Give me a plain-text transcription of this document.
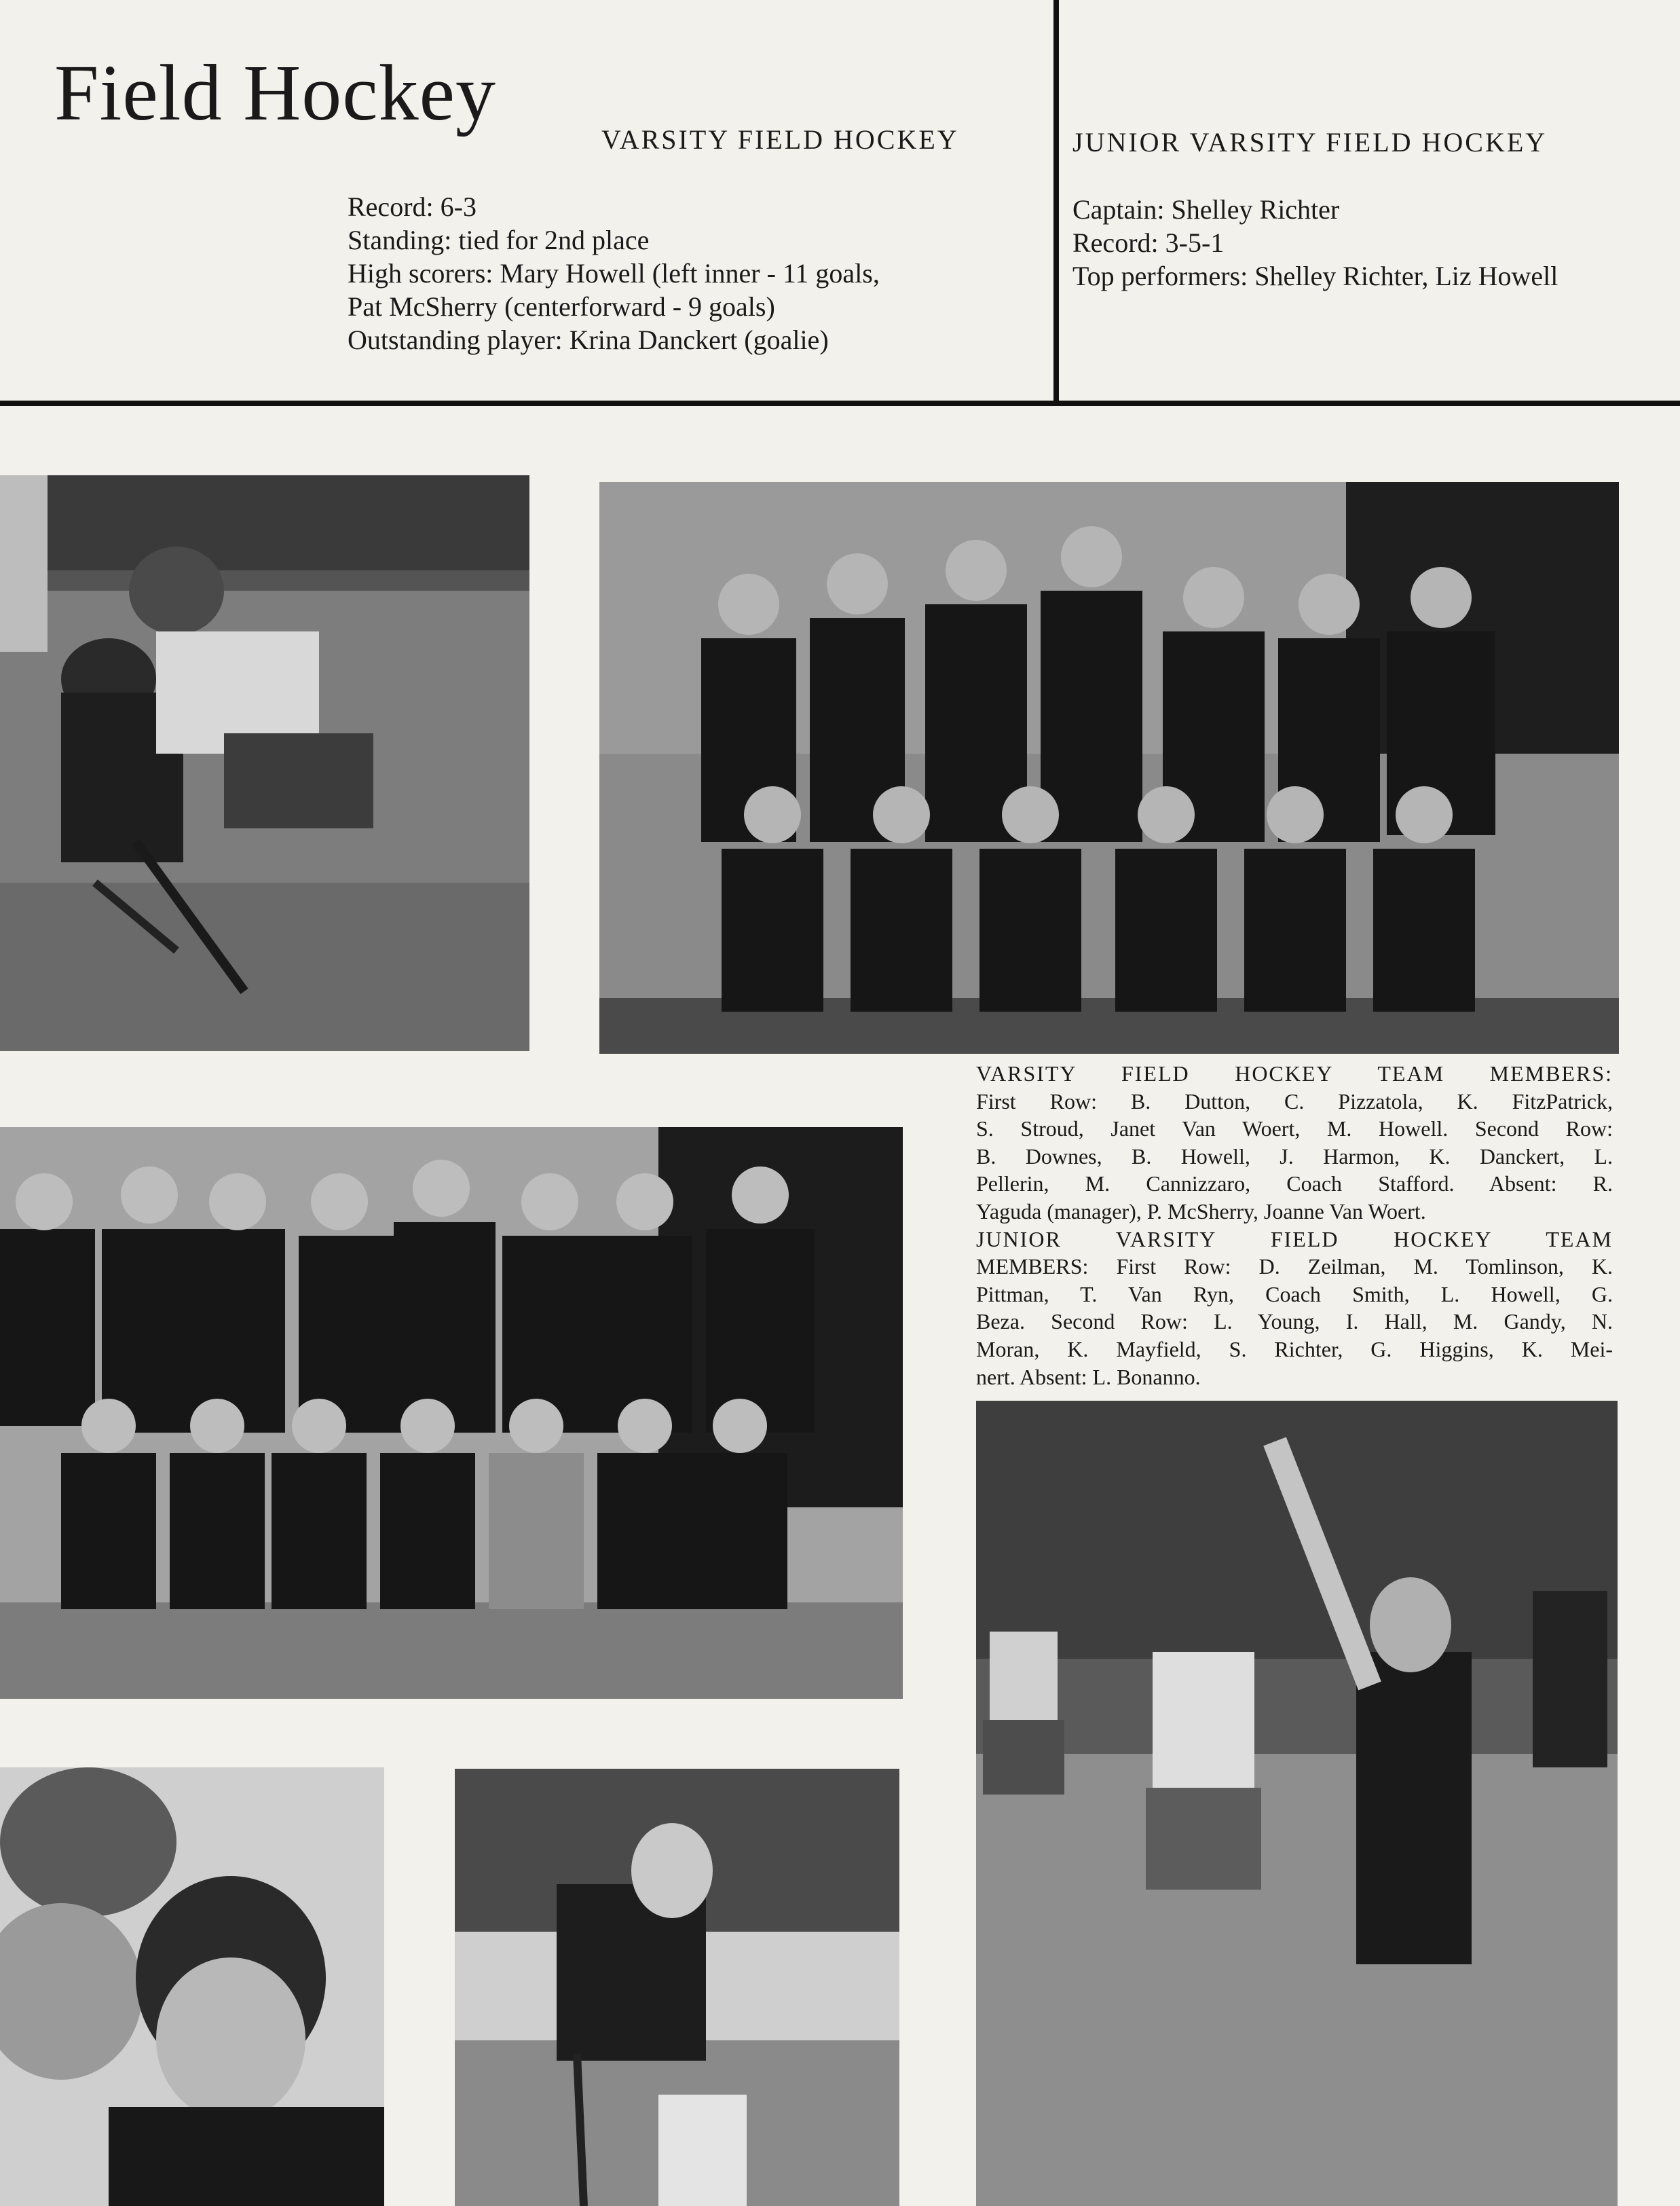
Field Hockey
VARSITY FIELD HOCKEY
Record: 6-3
Standing: tied for 2nd place
High scorers: Mary Howell (left inner - 11 goals,
Pat McSherry (centerforward - 9 goals)
Outstanding player: Krina Danckert (goalie)
JUNIOR VARSITY FIELD HOCKEY
Captain: Shelley Richter
Record: 3-5-1
Top performers: Shelley Richter, Liz Howell

VARSITY FIELD HOCKEY TEAM MEMBERS:

First Row: B. Dutton, C. Pizzatola, K. FitzPatrick,

S. Stroud, Janet Van Woert, M. Howell. Second Row:

B. Downes, B. Howell, J. Harmon, K. Danckert, L.

Pellerin, M. Cannizzaro, Coach Stafford. Absent: R.

Yaguda (manager), P. McSherry, Joanne Van Woert.

JUNIOR VARSITY FIELD HOCKEY TEAM

MEMBERS: First Row: D. Zeilman, M. Tomlinson, K.

Pittman, T. Van Ryn, Coach Smith, L. Howell, G.

Beza. Second Row: L. Young, I. Hall, M. Gandy, N.

Moran, K. Mayfield, S. Richter, G. Higgins, K. Mei-

nert. Absent: L. Bonanno.
